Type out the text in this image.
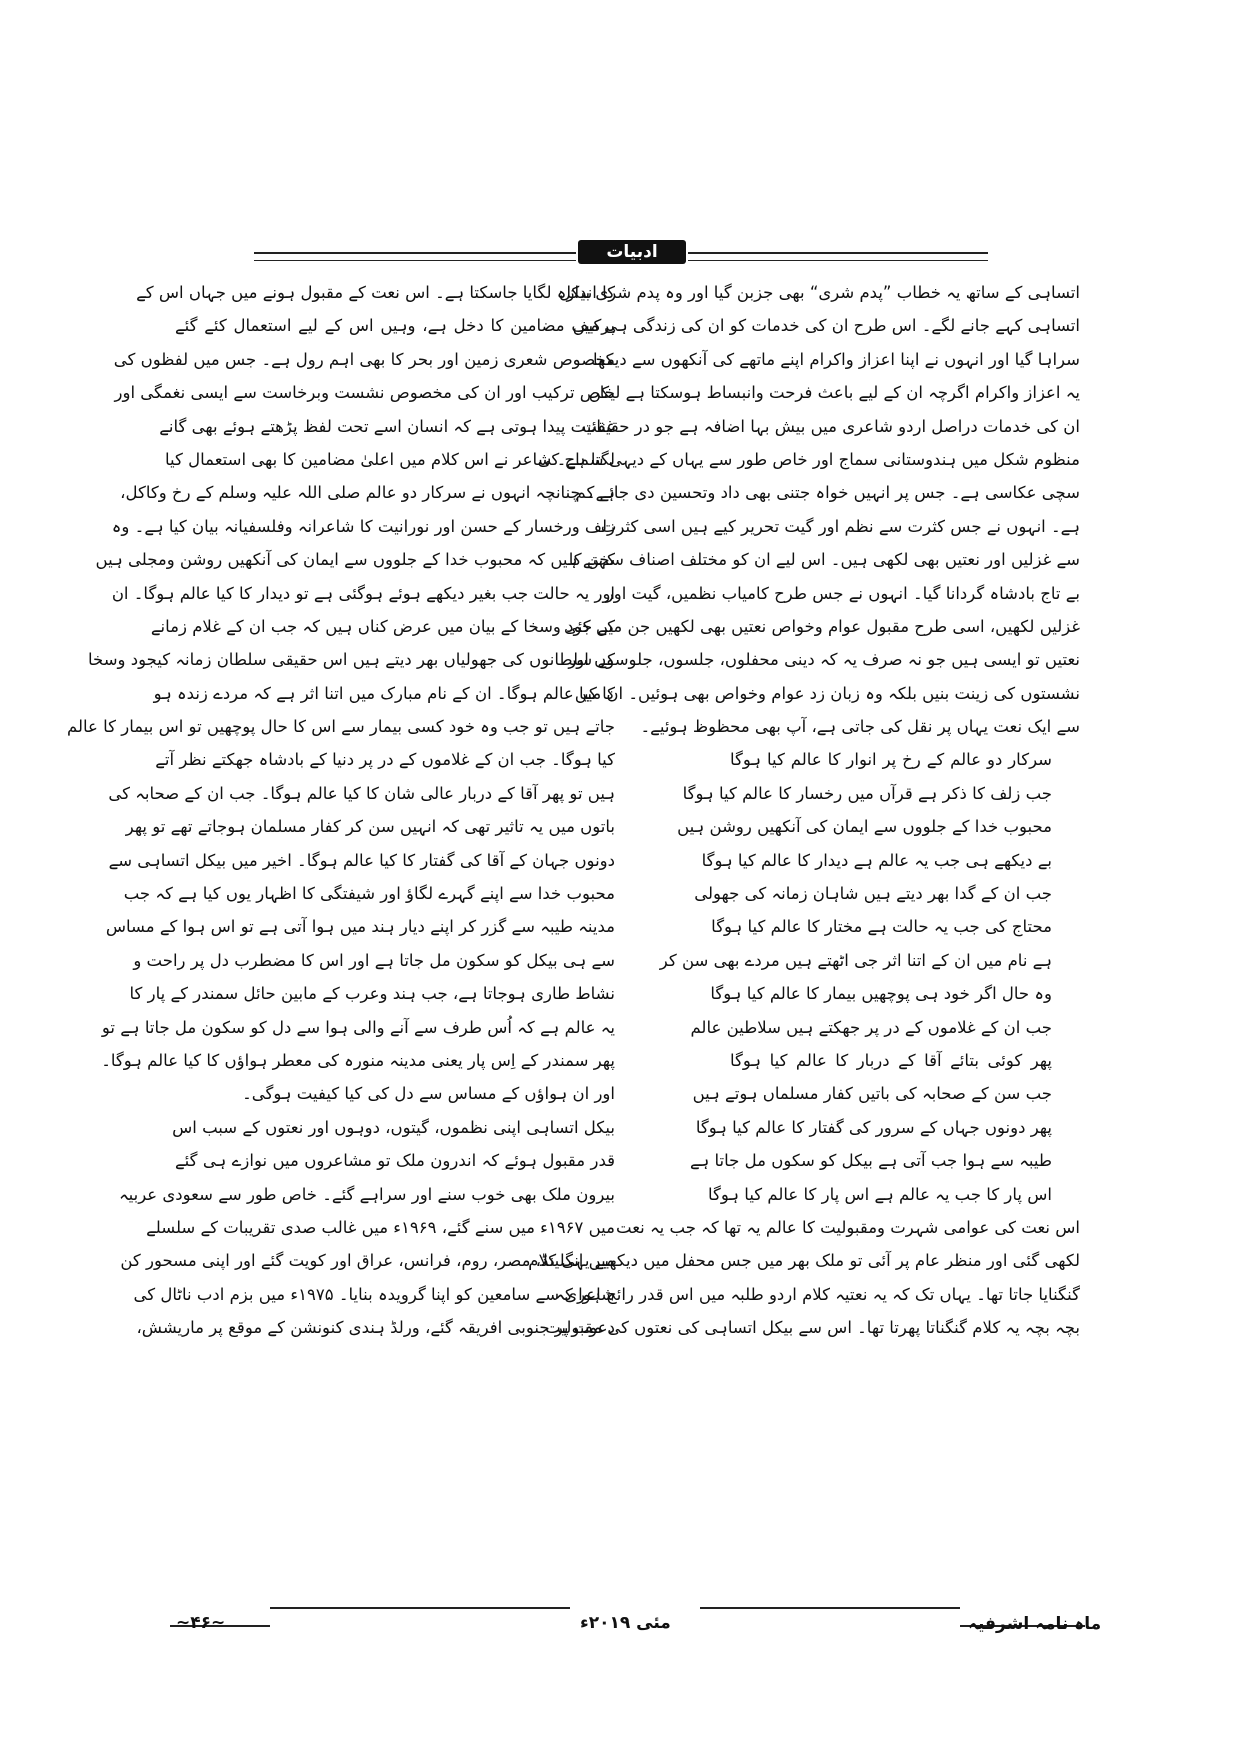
ادبیات
اتساہی کے ساتھ یہ خطاب ”پدم شری“ بھی جزبن گیا اور وہ پدم شری بیکل
اتساہی کہے جانے لگے۔ اس طرح ان کی خدمات کو ان کی زندگی ہی میں
سراہا گیا اور انہوں نے اپنا اعزاز واکرام اپنے ماتھے کی آنکھوں سے دیکھا۔
یہ اعزاز واکرام اگرچہ ان کے لیے باعث فرحت وانبساط ہوسکتا ہے لیکن
ان کی خدمات دراصل اردو شاعری میں بیش بہا اضافہ ہے جو در حقیقت
منظوم شکل میں ہندوستانی سماج اور خاص طور سے یہاں کے دیہی سماج کی
سچی عکاسی ہے۔ جس پر انہیں خواہ جتنی بھی داد وتحسین دی جائے کم
ہے۔ انہوں نے جس کثرت سے نظم اور گیت تحریر کیے ہیں اسی کثرت
سے غزلیں اور نعتیں بھی لکھی ہیں۔ اس لیے ان کو مختلف اصناف سخن کا
بے تاج بادشاہ گردانا گیا۔ انہوں نے جس طرح کامیاب نظمیں، گیت اور
غزلیں لکھیں، اسی طرح مقبول عوام وخواص نعتیں بھی لکھیں جن میں کئی
نعتیں تو ایسی ہیں جو نہ صرف یہ کہ دینی محفلوں، جلسوں، جلوسوں اور
نشستوں کی زینت بنیں بلکہ وہ زبان زد عوام وخواص بھی ہوئیں۔ ان میں
سے ایک نعت یہاں پر نقل کی جاتی ہے، آپ بھی محظوظ ہوئیے۔
سرکار دو عالم کے رخ پر انوار کا عالم کیا ہوگا
جب زلف کا ذکر ہے قرآں میں رخسار کا عالم کیا ہوگا
محبوب خدا کے جلووں سے ایمان کی آنکھیں روشن ہیں
بے دیکھے ہی جب یہ عالم ہے دیدار کا عالم کیا ہوگا
جب ان کے گدا بھر دیتے ہیں شاہان زمانہ کی جھولی
محتاج کی جب یہ حالت ہے مختار کا عالم کیا ہوگا
ہے نام میں ان کے اتنا اثر جی اٹھتے ہیں مردے بھی سن کر
وہ حال اگر خود ہی پوچھیں بیمار کا عالم کیا ہوگا
جب ان کے غلاموں کے در پر جھکتے ہیں سلاطین عالم
پھر کوئی بتائے آقا کے دربار کا عالم کیا ہوگا
جب سن کے صحابہ کی باتیں کفار مسلماں ہوتے ہیں
پھر دونوں جہاں کے سرور کی گفتار کا عالم کیا ہوگا
طیبہ سے ہوا جب آتی ہے بیکل کو سکوں مل جاتا ہے
اس پار کا جب یہ عالم ہے اس پار کا عالم کیا ہوگا
اس نعت کی عوامی شہرت ومقبولیت کا عالم یہ تھا کہ جب یہ نعت
لکھی گئی اور منظر عام پر آئی تو ملک بھر میں جس محفل میں دیکھیے یہی کلام
گنگنایا جاتا تھا۔ یہاں تک کہ یہ نعتیہ کلام اردو طلبہ میں اس قدر رائج ہوا کہ
بچہ بچہ یہ کلام گنگناتا پھرتا تھا۔ اس سے بیکل اتساہی کی نعتوں کی مقبولیت
کا اندازہ لگایا جاسکتا ہے۔ اس نعت کے مقبول ہونے میں جہاں اس کے
پرکیف مضامین کا دخل ہے، وہیں اس کے لیے استعمال کئے گئے
مخصوص شعری زمین اور بحر کا بھی اہم رول ہے۔ جس میں لفظوں کی
خاص ترکیب اور ان کی مخصوص نشست وبرخاست سے ایسی نغمگی اور
غنائیت پیدا ہوتی ہے کہ انسان اسے تحت لفظ پڑھتے ہوئے بھی گانے
لگتا ہے۔ شاعر نے اس کلام میں اعلیٰ مضامین کا بھی استعمال کیا
ہے۔ چنانچہ انہوں نے سرکار دو عالم صلی اللہ علیہ وسلم کے رخ وکاکل،
زلف ورخسار کے حسن اور نورانیت کا شاعرانہ وفلسفیانہ بیان کیا ہے۔ وہ
کہتے ہیں کہ محبوب خدا کے جلووں سے ایمان کی آنکھیں روشن ومجلی ہیں
اور یہ حالت جب بغیر دیکھے ہوئے ہوگئی ہے تو دیدار کا کیا عالم ہوگا۔ ان
کے جود وسخا کے بیان میں عرض کناں ہیں کہ جب ان کے غلام زمانے
کے سلطانوں کی جھولیاں بھر دیتے ہیں اس حقیقی سلطان زمانہ کیجود وسخا
کا کیا عالم ہوگا۔ ان کے نام مبارک میں اتنا اثر ہے کہ مردے زندہ ہو
جاتے ہیں تو جب وہ خود کسی بیمار سے اس کا حال پوچھیں تو اس بیمار کا عالم
کیا ہوگا۔ جب ان کے غلاموں کے در پر دنیا کے بادشاہ جھکتے نظر آتے
ہیں تو پھر آقا کے دربار عالی شان کا کیا عالم ہوگا۔ جب ان کے صحابہ کی
باتوں میں یہ تاثیر تھی کہ انہیں سن کر کفار مسلمان ہوجاتے تھے تو پھر
دونوں جہان کے آقا کی گفتار کا کیا عالم ہوگا۔ اخیر میں بیکل اتساہی سے
محبوب خدا سے اپنے گہرے لگاؤ اور شیفتگی کا اظہار یوں کیا ہے کہ جب
مدینہ طیبہ سے گزر کر اپنے دیار ہند میں ہوا آتی ہے تو اس ہوا کے مساس
سے ہی بیکل کو سکون مل جاتا ہے اور اس کا مضطرب دل پر راحت و
نشاط طاری ہوجاتا ہے، جب ہند وعرب کے مابین حائل سمندر کے پار کا
یہ عالم ہے کہ اُس طرف سے آنے والی ہوا سے دل کو سکون مل جاتا ہے تو
پھر سمندر کے اِس پار یعنی مدینہ منورہ کی معطر ہواؤں کا کیا عالم ہوگا۔
اور ان ہواؤں کے مساس سے دل کی کیا کیفیت ہوگی۔
بیکل اتساہی اپنی نظموں، گیتوں، دوہوں اور نعتوں کے سبب اس
قدر مقبول ہوئے کہ اندرون ملک تو مشاعروں میں نوازے ہی گئے
بیرون ملک بھی خوب سنے اور سراہے گئے۔ خاص طور سے سعودی عربیہ
میں ۱۹۶۷ء میں سنے گئے، ۱۹۶۹ء میں غالب صدی تقریبات کے سلسلے
میں انگلینڈ، مصر، روم، فرانس، عراق اور کویت گئے اور اپنی مسحور کن
شاعری سے سامعین کو اپنا گرویدہ بنایا۔ ۱۹۷۵ء میں بزم ادب ناٹال کی
دعوت پر جنوبی افریقہ گئے، ورلڈ ہندی کنونشن کے موقع پر ماریشش،
~۴۶~	مئی ۲۰۱۹ء	ماہ نامہ اشرفیہ
